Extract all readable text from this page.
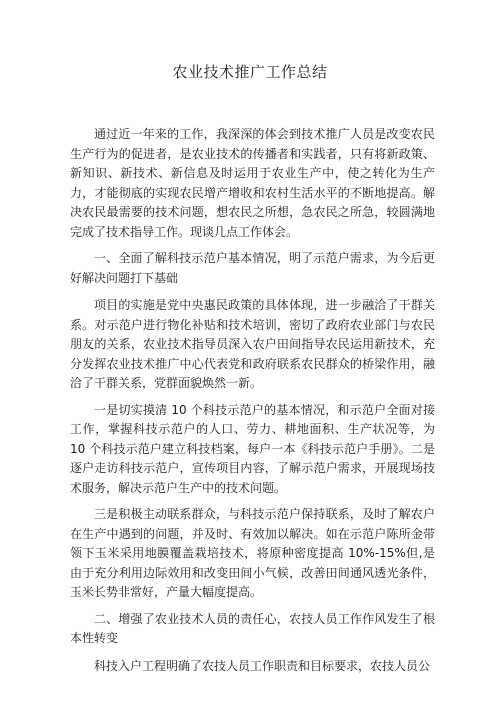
农业技术推广工作总结

通过近一年来的工作，我深深的体会到技术推广人员是改变农民生产行为的促进者，是农业技术的传播者和实践者，只有将新政策、新知识、新技术、新信息及时运用于农业生产中，使之转化为生产力，才能彻底的实现农民增产增收和农村生活水平的不断地提高。解决农民最需要的技术问题，想农民之所想，急农民之所急，较圆满地完成了技术指导工作。现谈几点工作体会。

一、全面了解科技示范户基本情况，明了示范户需求，为今后更好解决问题打下基础

项目的实施是党中央惠民政策的具体体现，进一步融洽了干群关系。对示范户进行物化补贴和技术培训，密切了政府农业部门与农民朋友的关系，农业技术指导员深入农户田间指导农民运用新技术，充分发挥农业技术推广中心代表党和政府联系农民群众的桥梁作用，融洽了干群关系，党群面貌焕然一新。

一是切实摸清 10 个科技示范户的基本情况，和示范户全面对接工作，掌握科技示范户的人口、劳力、耕地面积、生产状况等，为 10 个科技示范户建立科技档案，每户一本《科技示范户手册》。二是逐户走访科技示范户，宣传项目内容，了解示范户需求，开展现场技术服务，解决示范户生产中的技术问题。

三是积极主动联系群众，与科技示范户保持联系，及时了解农户在生产中遇到的问题，并及时、有效加以解决。如在示范户陈所金带领下玉米采用地膜覆盖栽培技术，将原种密度提高 10%-15%但,是由于充分利用边际效用和改变田间小气候，改善田间通风透光条件，玉米长势非常好，产量大幅度提高。

二、增强了农业技术人员的责任心，农技人员工作作风发生了根本性转变

科技入户工程明确了农技人员工作职责和目标要求，农技人员公
